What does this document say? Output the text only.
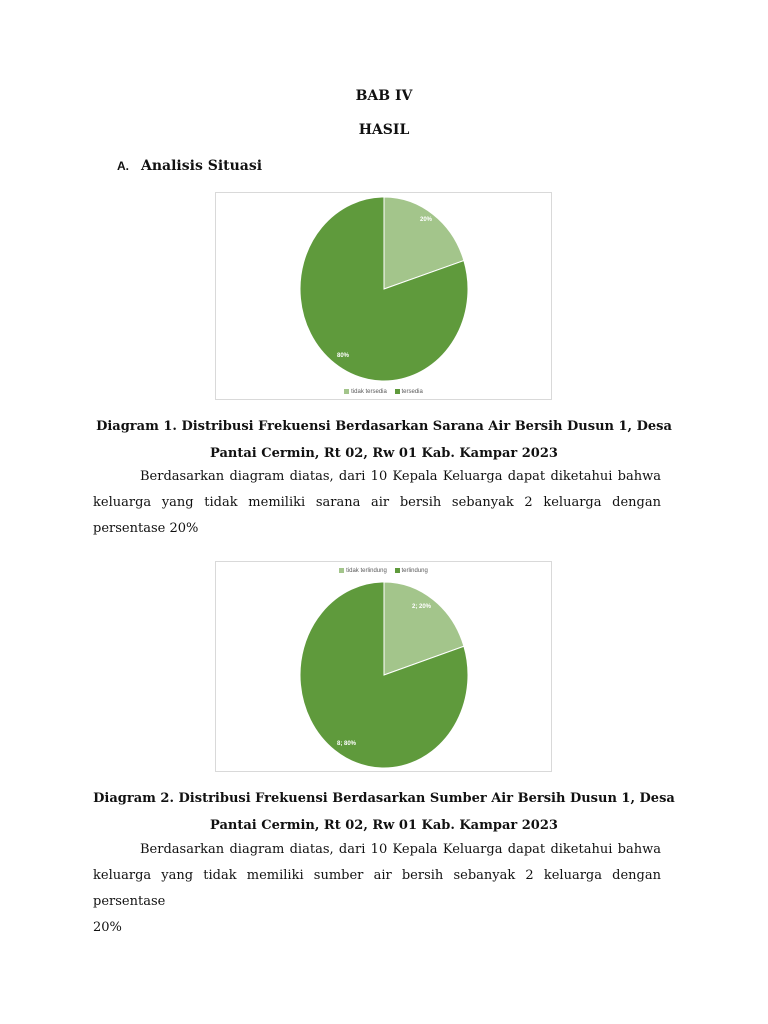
BAB IV
HASIL
A. Analisis Situasi
20%
80%
tidak tersedia tersedia
Diagram 1. Distribusi Frekuensi Berdasarkan Sarana Air Bersih Dusun 1, Desa
Pantai Cermin, Rt 02, Rw 01 Kab. Kampar 2023
Berdasarkan diagram diatas, dari 10 Kepala Keluarga dapat diketahui bahwa
keluarga yang tidak memiliki sarana air bersih sebanyak 2 keluarga dengan persentase 20%
2; 20%
8; 80%
tidak terlindung terlindung
Diagram 2. Distribusi Frekuensi Berdasarkan Sumber Air Bersih Dusun 1, Desa
Pantai Cermin, Rt 02, Rw 01 Kab. Kampar 2023
Berdasarkan diagram diatas, dari 10 Kepala Keluarga dapat diketahui bahwa
keluarga yang tidak memiliki sumber air bersih sebanyak 2 keluarga dengan persentase
20%
